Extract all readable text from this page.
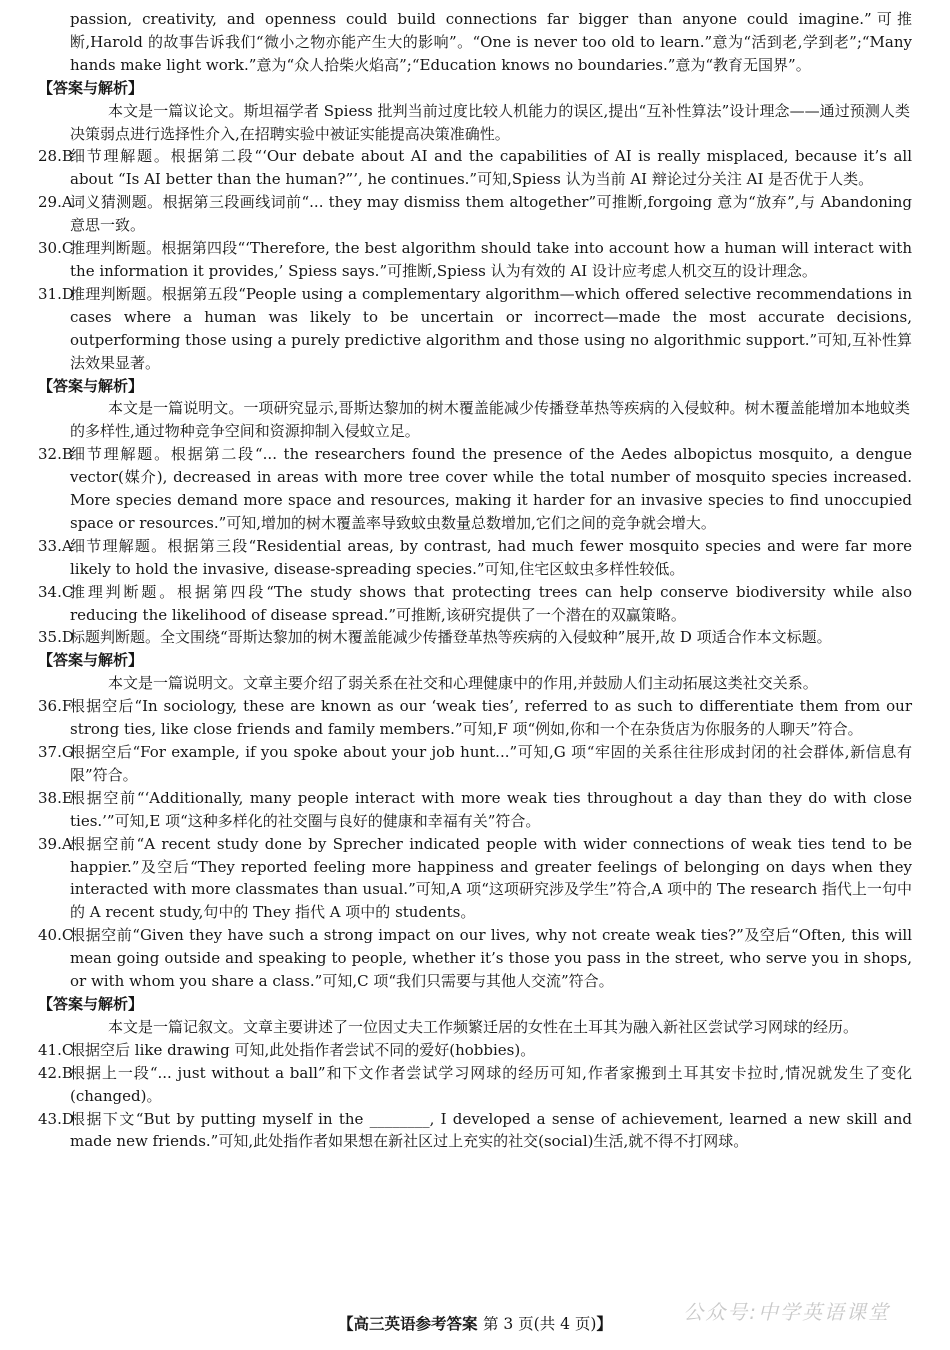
passion, creativity, and openness could build connections far bigger than anyone could imagine.”可推断,Harold 的故事告诉我们“微小之物亦能产生大的影响”。“One is never too old to learn.”意为“活到老,学到老”;“Many hands make light work.”意为“众人拾柴火焰高”;“Education knows no boundaries.”意为“教育无国界”。

【答案与解析】

本文是一篇议论文。斯坦福学者 Spiess 批判当前过度比较人机能力的误区,提出“互补性算法”设计理念——通过预测人类决策弱点进行选择性介入,在招聘实验中被证实能提高决策准确性。

28.B
细节理解题。根据第二段“‘Our debate about AI and the capabilities of AI is really misplaced, because it’s all about “Is AI better than the human?”’, he continues.”可知,Spiess 认为当前 AI 辩论过分关注 AI 是否优于人类。
29.A
词义猜测题。根据第三段画线词前“... they may dismiss them altogether”可推断,forgoing 意为“放弃”,与 Abandoning 意思一致。
30.C
推理判断题。根据第四段“‘Therefore, the best algorithm should take into account how a human will interact with the information it provides,’ Spiess says.”可推断,Spiess 认为有效的 AI 设计应考虑人机交互的设计理念。
31.D
推理判断题。根据第五段“People using a complementary algorithm—which offered selective recommendations in cases where a human was likely to be uncertain or incorrect—made the most accurate decisions, outperforming those using a purely predictive algorithm and those using no algorithmic support.”可知,互补性算法效果显著。

【答案与解析】

本文是一篇说明文。一项研究显示,哥斯达黎加的树木覆盖能减少传播登革热等疾病的入侵蚊种。树木覆盖能增加本地蚊类的多样性,通过物种竞争空间和资源抑制入侵蚊立足。

32.B
细节理解题。根据第二段“... the researchers found the presence of the Aedes albopictus mosquito, a dengue vector(媒介), decreased in areas with more tree cover while the total number of mosquito species increased. More species demand more space and resources, making it harder for an invasive species to find unoccupied space or resources.”可知,增加的树木覆盖率导致蚊虫数量总数增加,它们之间的竞争就会增大。
33.A
细节理解题。根据第三段“Residential areas, by contrast, had much fewer mosquito species and were far more likely to hold the invasive, disease-spreading species.”可知,住宅区蚊虫多样性较低。
34.C
推理判断题。根据第四段“The study shows that protecting trees can help conserve biodiversity while also reducing the likelihood of disease spread.”可推断,该研究提供了一个潜在的双赢策略。
35.D
标题判断题。全文围绕“哥斯达黎加的树木覆盖能减少传播登革热等疾病的入侵蚊种”展开,故 D 项适合作本文标题。

【答案与解析】

本文是一篇说明文。文章主要介绍了弱关系在社交和心理健康中的作用,并鼓励人们主动拓展这类社交关系。

36.F
根据空后“In sociology, these are known as our ‘weak ties’, referred to as such to differentiate them from our strong ties, like close friends and family members.”可知,F 项“例如,你和一个在杂货店为你服务的人聊天”符合。
37.G
根据空后“For example, if you spoke about your job hunt...”可知,G 项“牢固的关系往往形成封闭的社会群体,新信息有限”符合。
38.E
根据空前“‘Additionally, many people interact with more weak ties throughout a day than they do with close ties.’”可知,E 项“这种多样化的社交圈与良好的健康和幸福有关”符合。
39.A
根据空前“A recent study done by Sprecher indicated people with wider connections of weak ties tend to be happier.”及空后“They reported feeling more happiness and greater feelings of belonging on days when they interacted with more classmates than usual.”可知,A 项“这项研究涉及学生”符合,A 项中的 The research 指代上一句中的 A recent study,句中的 They 指代 A 项中的 students。
40.C
根据空前“Given they have such a strong impact on our lives, why not create weak ties?”及空后“Often, this will mean going outside and speaking to people, whether it’s those you pass in the street, who serve you in shops, or with whom you share a class.”可知,C 项“我们只需要与其他人交流”符合。

【答案与解析】

本文是一篇记叙文。文章主要讲述了一位因丈夫工作频繁迁居的女性在土耳其为融入新社区尝试学习网球的经历。

41.C
根据空后 like drawing 可知,此处指作者尝试不同的爱好(hobbies)。
42.B
根据上一段“... just without a ball”和下文作者尝试学习网球的经历可知,作者家搬到土耳其安卡拉时,情况就发生了变化(changed)。
43.D
根据下文“But by putting myself in the ________, I developed a sense of achievement, learned a new skill and made new friends.”可知,此处指作者如果想在新社区过上充实的社交(social)生活,就不得不打网球。
【高三英语参考答案 第 3 页(共 4 页)】	公众号:中学英语课堂
